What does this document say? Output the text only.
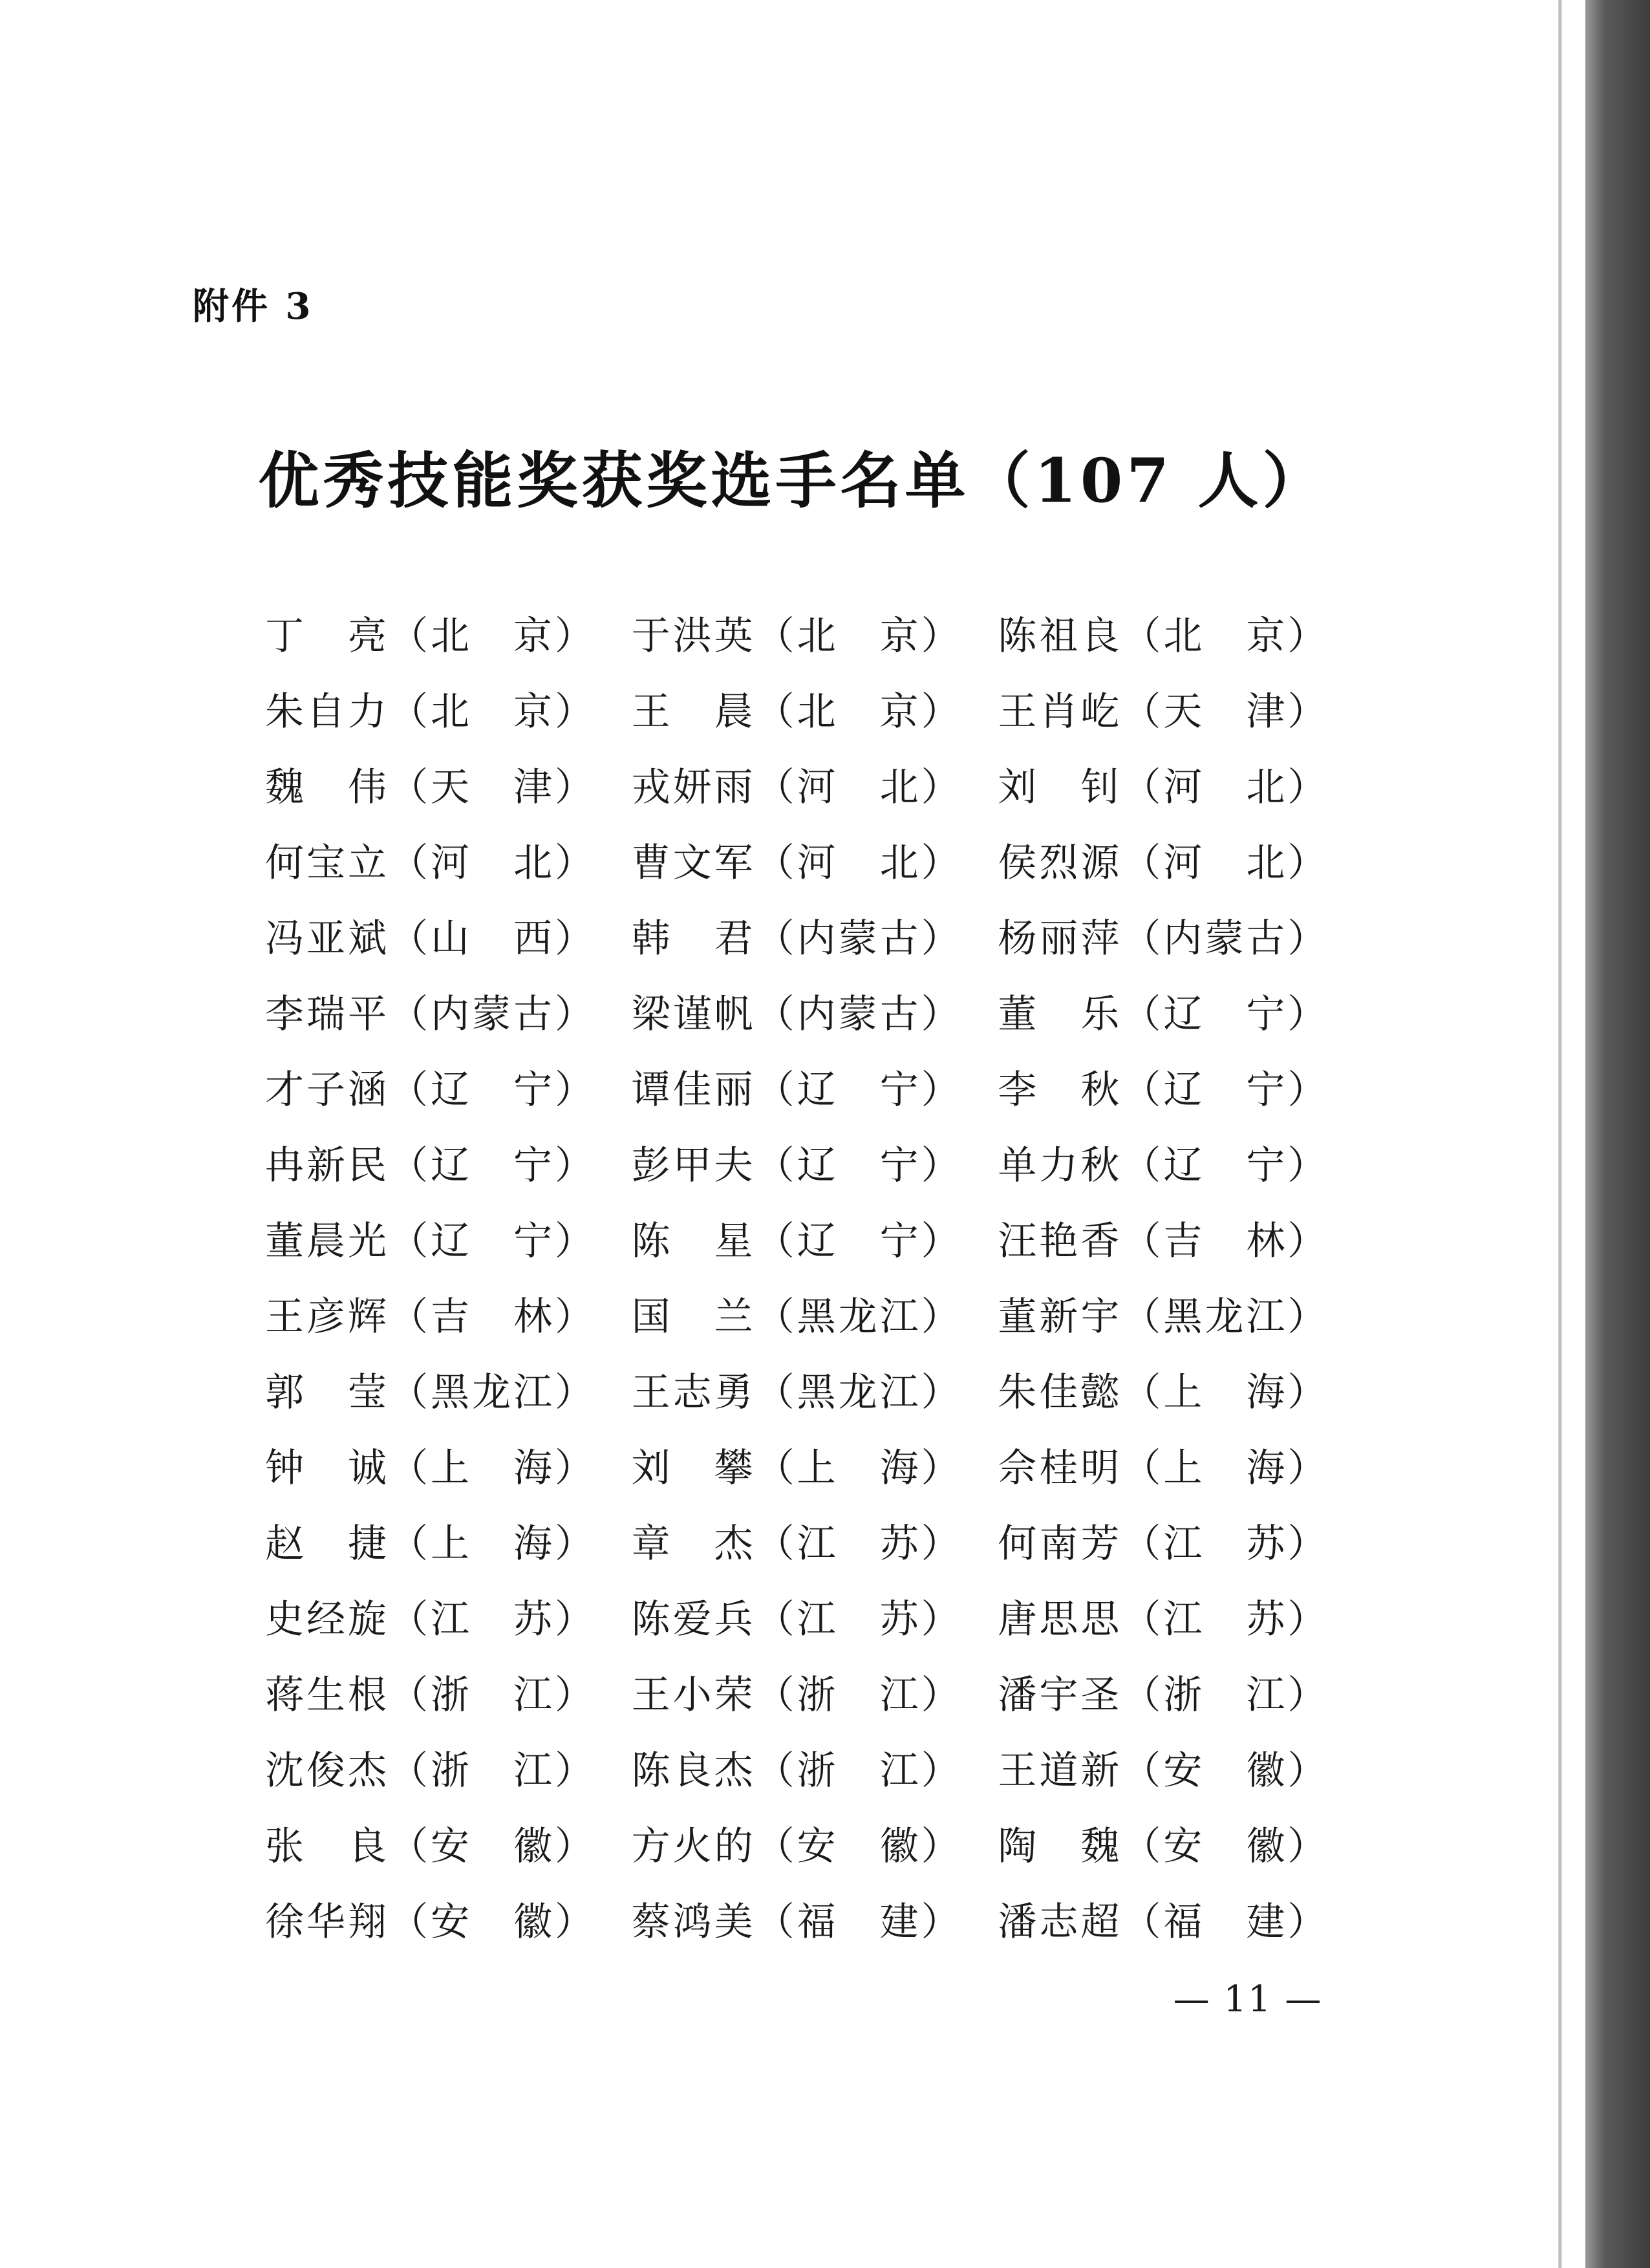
附件 3
优秀技能奖获奖选手名单（107 人）
丁　亮（北　京） 于洪英（北　京） 陈祖良（北　京）
朱自力（北　京） 王　晨（北　京） 王肖屹（天　津）
魏　伟（天　津） 戎妍雨（河　北） 刘　钊（河　北）
何宝立（河　北） 曹文军（河　北） 侯烈源（河　北）
冯亚斌（山　西） 韩　君（内蒙古） 杨丽萍（内蒙古）
李瑞平（内蒙古） 梁谨帆（内蒙古） 董　乐（辽　宁）
才子涵（辽　宁） 谭佳丽（辽　宁） 李　秋（辽　宁）
冉新民（辽　宁） 彭甲夫（辽　宁） 单力秋（辽　宁）
董晨光（辽　宁） 陈　星（辽　宁） 汪艳香（吉　林）
王彦辉（吉　林） 国　兰（黑龙江） 董新宇（黑龙江）
郭　莹（黑龙江） 王志勇（黑龙江） 朱佳懿（上　海）
钟　诚（上　海） 刘　攀（上　海） 佘桂明（上　海）
赵　捷（上　海） 章　杰（江　苏） 何南芳（江　苏）
史经旋（江　苏） 陈爱兵（江　苏） 唐思思（江　苏）
蒋生根（浙　江） 王小荣（浙　江） 潘宇圣（浙　江）
沈俊杰（浙　江） 陈良杰（浙　江） 王道新（安　徽）
张　良（安　徽） 方火的（安　徽） 陶　魏（安　徽）
徐华翔（安　徽） 蔡鸿美（福　建） 潘志超（福　建）
— 11 —
